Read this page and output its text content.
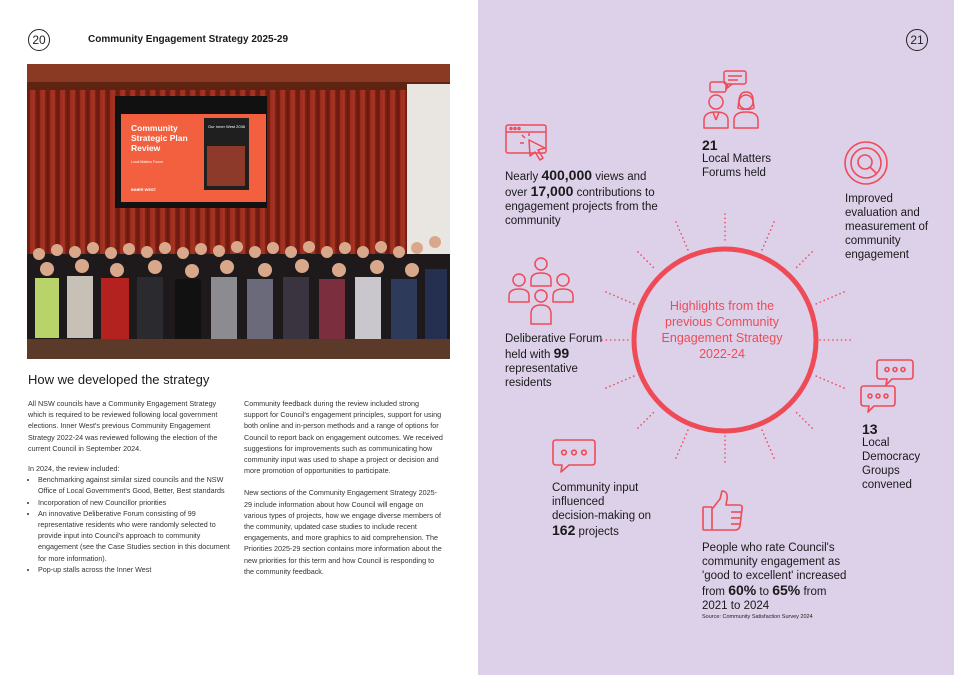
20	Community Engagement Strategy 2025-29
Community
Strategic Plan
Review
Local Matters Forum
INNER WEST
Our Inner West 2036
How we developed the strategy

All NSW councils have a Community Engagement Strategy which is required to be reviewed following local government elections. Inner West's previous Community Engagement Strategy 2022-24 was reviewed following the election of the current Council in September 2024.

In 2024, the review included:

• Benchmarking against similar sized councils and the NSW Office of Local Government's Good, Better, Best standards
• Incorporation of new Councillor priorities
• An innovative Deliberative Forum consisting of 99 representative residents who were randomly selected to provide input into Council's approach to community engagement (see the Case Studies section in this document for more information).
• Pop-up stalls across the Inner West

Community feedback during the review included strong support for Council's engagement principles, support for using both online and in-person methods and a range of options for Council to report back on engagement outcomes. We received suggestions for improvements such as communicating how community input was used to shape a project or decision and more promotion of opportunities to participate.

New sections of the Community Engagement Strategy 2025-29 include information about how Council will engage on various types of projects, how we engage diverse members of the community, updated case studies to include recent engagements, and more graphics to aid comprehension. The Priorities 2025-29 section contains more information about the new priorities for this term and how Council is responding to the community feedback.

21
Highlights from the previous Community Engagement Strategy 2022-24
Nearly 400,000 views and over 17,000 contributions to engagement projects from the community
21
Local Matters Forums held
Improved evaluation and measurement of community engagement
Deliberative Forum held with 99 representative residents
13
Local Democracy Groups convened
Community input influenced decision-making on 162 projects
People who rate Council's community engagement as 'good to excellent' increased from 60% to 65% from 2021 to 2024
Source: Community Satisfaction Survey 2024
